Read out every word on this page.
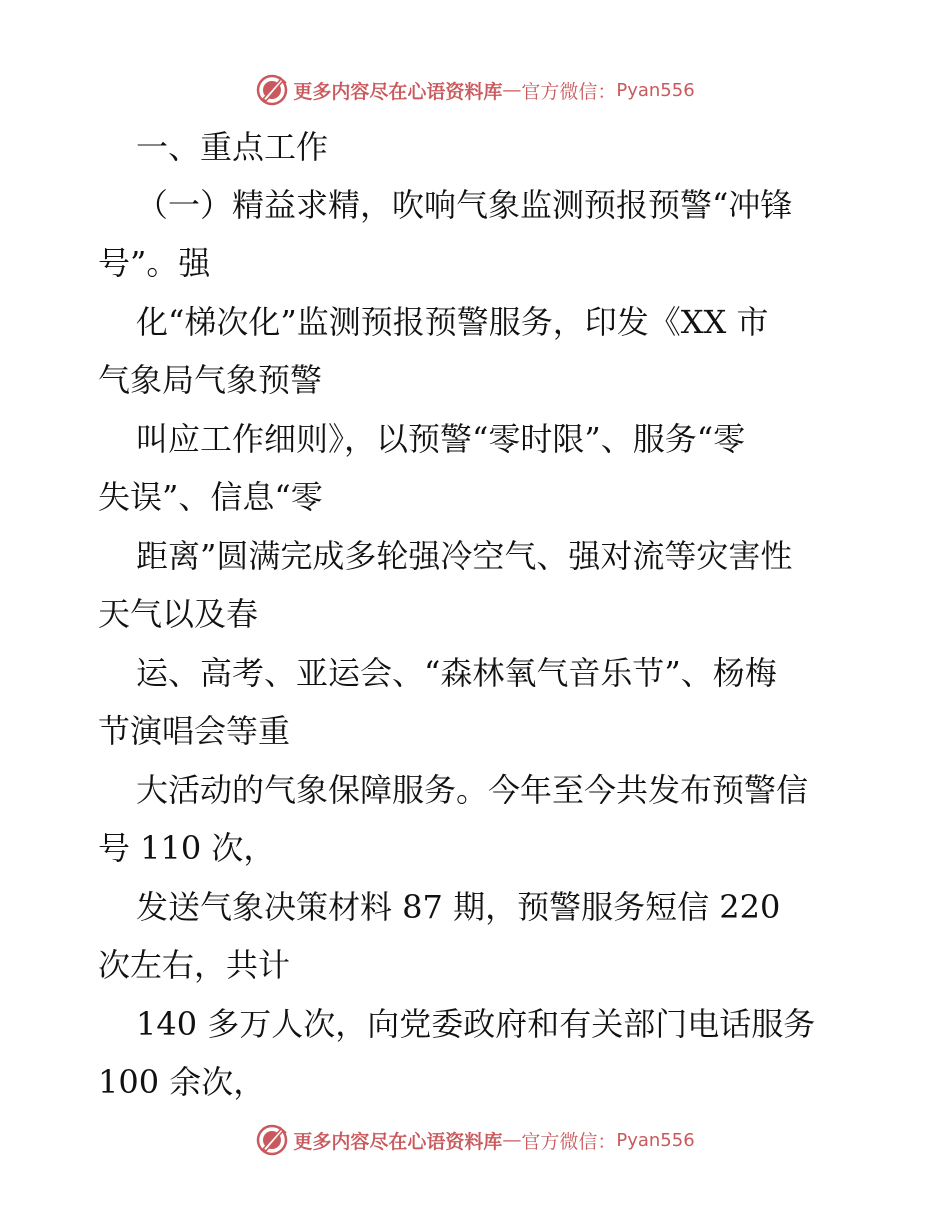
更多内容尽在心语资料库 — 官方微信： Pyan556
一、重点工作
（一）精益求精，吹响气象监测预报预警“冲锋
号”。强
化“梯次化”监测预报预警服务，印发《XX 市
气象局气象预警
叫应工作细则》，以预警“零时限”、服务“零
失误”、信息“零
距离”圆满完成多轮强冷空气、强对流等灾害性
天气以及春
运、高考、亚运会、“森林氧气音乐节”、杨梅
节演唱会等重
大活动的气象保障服务。今年至今共发布预警信
号 110 次，
发送气象决策材料 87 期，预警服务短信 220
次左右，共计
140 多万人次，向党委政府和有关部门电话服务
100 余次，
更多内容尽在心语资料库 — 官方微信： Pyan556
